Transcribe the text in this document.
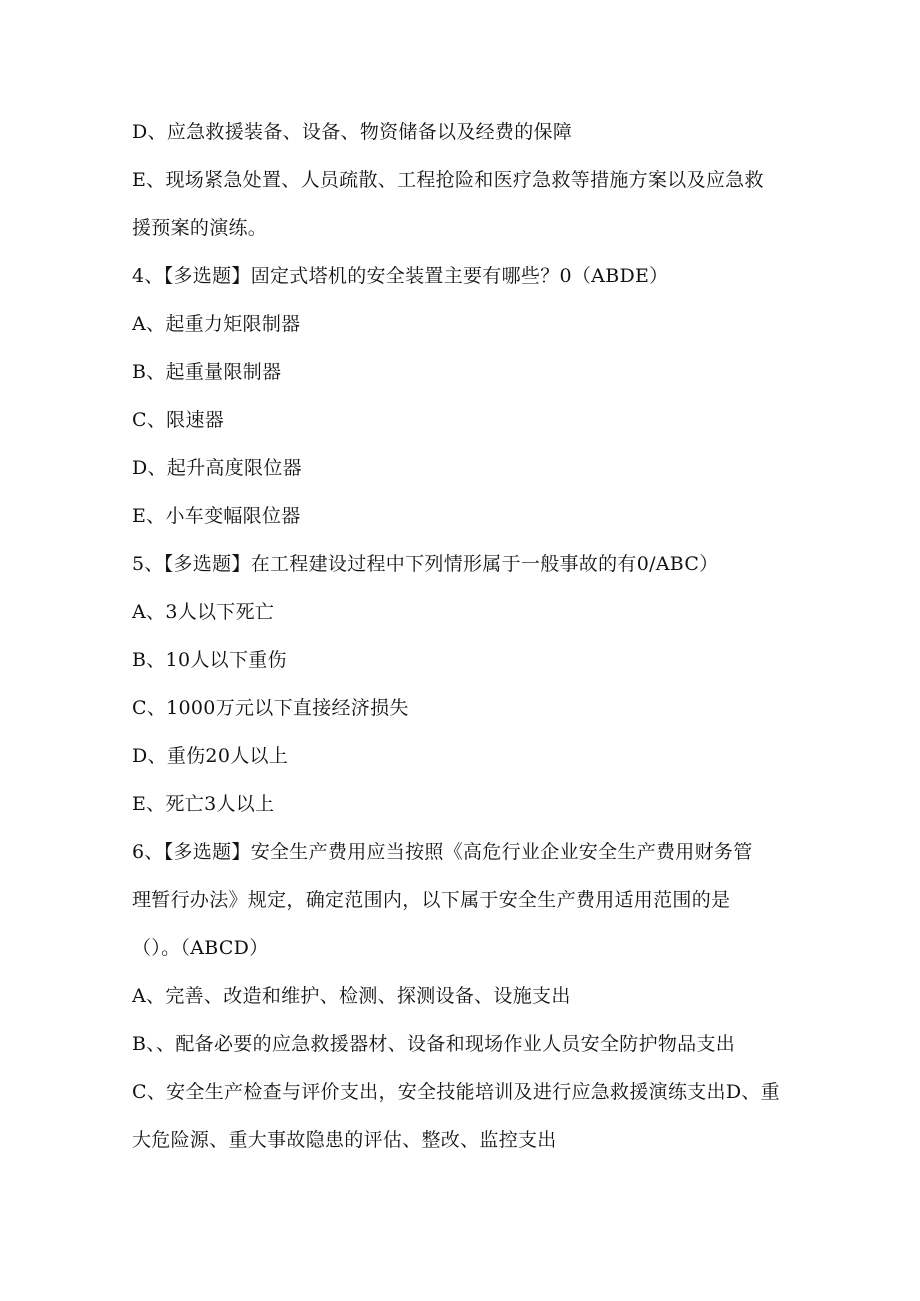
D、应急救援装备、设备、物资储备以及经费的保障
E、现场紧急处置、人员疏散、工程抢险和医疗急救等措施方案以及应急救
援预案的演练。
4、【多选题】固定式塔机的安全装置主要有哪些？0（ABDE）
A、起重力矩限制器
B、起重量限制器
C、限速器
D、起升高度限位器
E、小车变幅限位器
5、【多选题】在工程建设过程中下列情形属于一般事故的有0/ABC）
A、3人以下死亡
B、10人以下重伤
C、1000万元以下直接经济损失
D、重伤20人以上
E、死亡3人以上
6、【多选题】安全生产费用应当按照《高危行业企业安全生产费用财务管
理暂行办法》规定，确定范围内，以下属于安全生产费用适用范围的是
（）。（ABCD）
A、完善、改造和维护、检测、探测设备、设施支出
B、、配备必要的应急救援器材、设备和现场作业人员安全防护物品支出
C、安全生产检查与评价支出，安全技能培训及进行应急救援演练支出D、重
大危险源、重大事故隐患的评估、整改、监控支出
